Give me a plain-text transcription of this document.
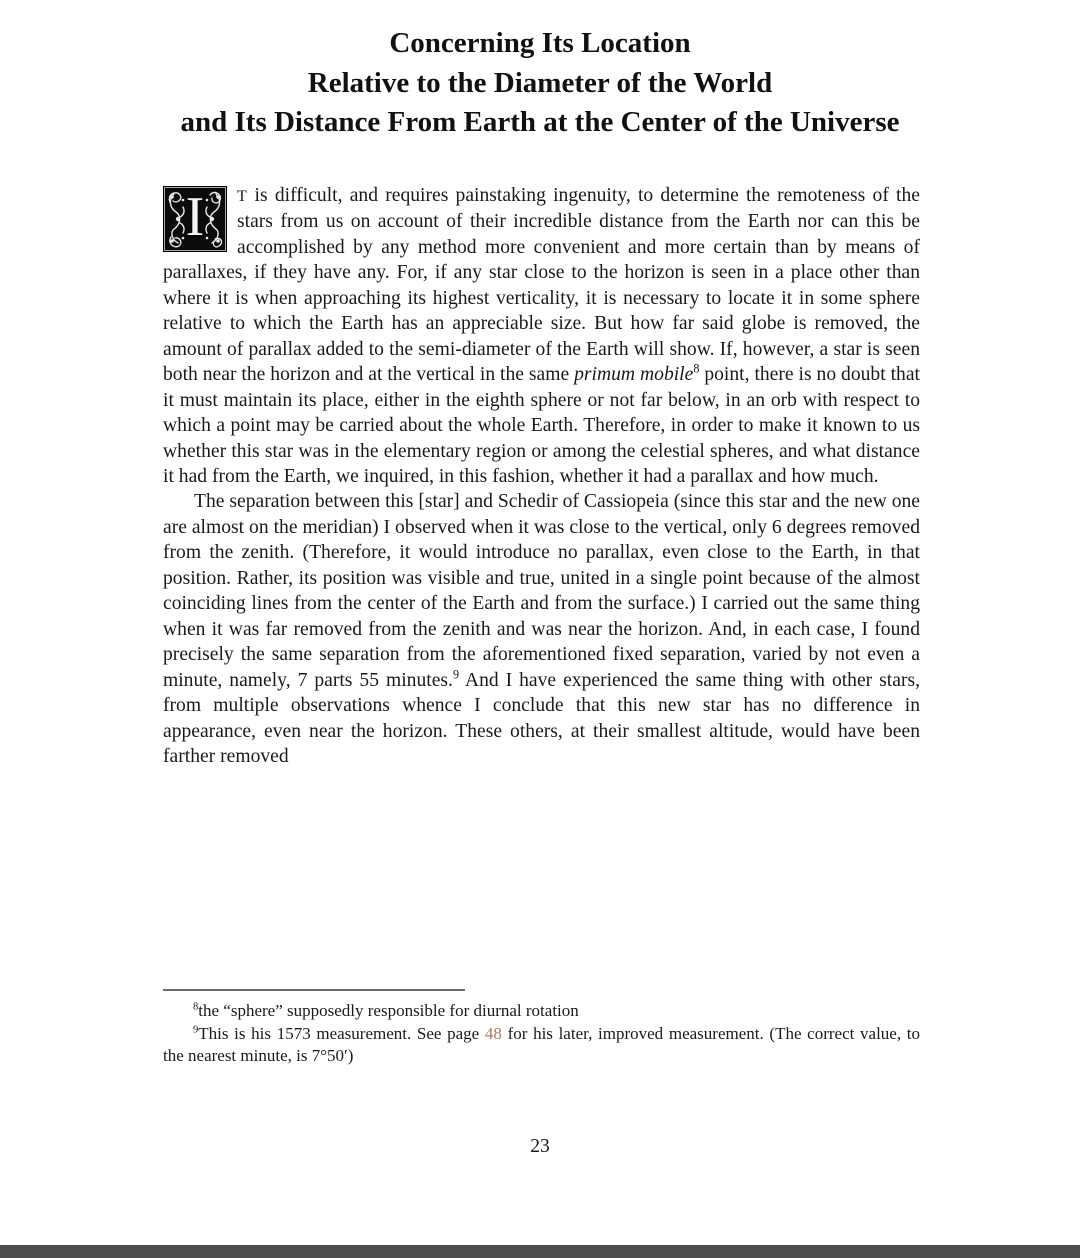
Concerning Its Location
Relative to the Diameter of the World
and Its Distance From Earth at the Center of the Universe

I T is difficult, and requires painstaking ingenuity, to determine the remoteness of the stars from us on account of their incredible distance from the Earth nor can this be accomplished by any method more convenient and more certain than by means of parallaxes, if they have any. For, if any star close to the horizon is seen in a place other than where it is when approaching its highest verticality, it is necessary to locate it in some sphere relative to which the Earth has an appreciable size. But how far said globe is removed, the amount of parallax added to the semi-diameter of the Earth will show. If, however, a star is seen both near the horizon and at the vertical in the same primum mobile$^8$ point, there is no doubt that it must maintain its place, either in the eighth sphere or not far below, in an orb with respect to which a point may be carried about the whole Earth. Therefore, in order to make it known to us whether this star was in the elementary region or among the celestial spheres, and what distance it had from the Earth, we inquired, in this fashion, whether it had a parallax and how much.

The separation between this [star] and Schedir of Cassiopeia (since this star and the new one are almost on the meridian) I observed when it was close to the vertical, only 6 degrees removed from the zenith. (Therefore, it would introduce no parallax, even close to the Earth, in that position. Rather, its position was visible and true, united in a single point because of the almost coinciding lines from the center of the Earth and from the surface.) I carried out the same thing when it was far removed from the zenith and was near the horizon. And, in each case, I found precisely the same separation from the aforementioned fixed separation, varied by not even a minute, namely, 7 parts 55 minutes.$^9$ And I have experienced the same thing with other stars, from multiple observations whence I conclude that this new star has no difference in appearance, even near the horizon. These others, at their smallest altitude, would have been farther removed

$^8$the “sphere” supposedly responsible for diurnal rotation

$^9$This is his 1573 measurement. See page 48 for his later, improved measurement. (The correct value, to the nearest minute, is 7°50′)

23
